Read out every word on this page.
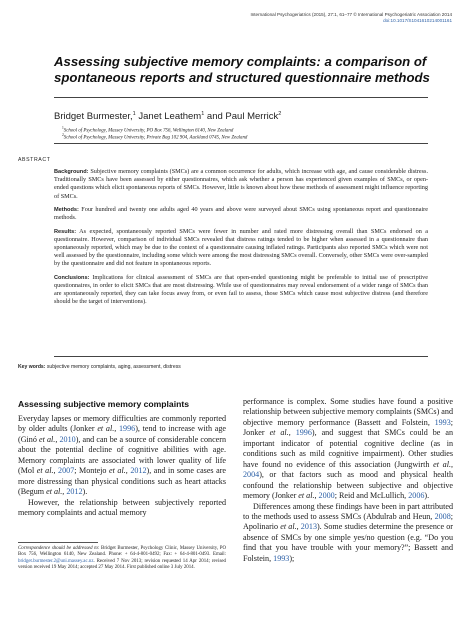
International Psychogeriatrics (2015), 27:1, 61–77 © International Psychogeriatric Association 2014
doi:10.1017/S1041610214001161
Assessing subjective memory complaints: a comparison of spontaneous reports and structured questionnaire methods
Bridget Burmester,$^1$ Janet Leathem$^1$ and Paul Merrick$^2$
$^1$School of Psychology, Massey University, PO Box 756, Wellington 6140, New Zealand
$^2$School of Psychology, Massey University, Private Bag 102 904, Auckland 0745, New Zealand
ABSTRACT

Background: Subjective memory complaints (SMCs) are a common occurrence for adults, which increase with age, and cause considerable distress. Traditionally SMCs have been assessed by either questionnaires, which ask whether a person has experienced given examples of SMCs, or open-ended questions which elicit spontaneous reports of SMCs. However, little is known about how these methods of assessment might influence reporting of SMCs.

Methods: Four hundred and twenty one adults aged 40 years and above were surveyed about SMCs using spontaneous report and questionnaire methods.

Results: As expected, spontaneously reported SMCs were fewer in number and rated more distressing overall than SMCs endorsed on a questionnaire. However, comparison of individual SMCs revealed that distress ratings tended to be higher when assessed in a questionnaire than spontaneously reported, which may be due to the context of a questionnaire causing inflated ratings. Participants also reported SMCs which were not well assessed by the questionnaire, including some which were among the most distressing SMCs overall. Conversely, other SMCs were over-sampled by the questionnaire and did not feature in spontaneous reports.

Conclusions: Implications for clinical assessment of SMCs are that open-ended questioning might be preferable to initial use of prescriptive questionnaires, in order to elicit SMCs that are most distressing. While use of questionnaires may reveal endorsement of a wider range of SMCs than are spontaneously reported, they can take focus away from, or even fail to assess, those SMCs which cause most subjective distress (and therefore should be the target of interventions).

Key words: subjective memory complaints, aging, assessment, distress
Assessing subjective memory complaints

Everyday lapses or memory difficulties are commonly reported by older adults (Jonker et al., 1996), tend to increase with age (Ginó et al., 2010), and can be a source of considerable concern about the potential decline of cognitive abilities with age. Memory complaints are associated with lower quality of life (Mol et al., 2007; Montejo et al., 2012), and in some cases are more distressing than physical conditions such as heart attacks (Begum et al., 2012).

However, the relationship between subjectively reported memory complaints and actual memory

Correspondence should be addressed to: Bridget Burmester, Psychology Clinic, Massey University, PO Box 756, Wellington 6140, New Zealand. Phone: + 64-4-801-0492; Fax: + 64-4-801-0493. Email: bridget.burmester.2@uni.massey.ac.nz. Received 7 Nov 2013; revision requested 14 Apr 2014; revised version received 19 May 2014; accepted 27 May 2014. First published online 3 July 2014.

performance is complex. Some studies have found a positive relationship between subjective memory complaints (SMCs) and objective memory performance (Bassett and Folstein, 1993; Jonker et al., 1996), and suggest that SMCs could be an important indicator of potential cognitive decline (as in conditions such as mild cognitive impairment). Other studies have found no evidence of this association (Jungwirth et al., 2004), or that factors such as mood and physical health confound the relationship between subjective and objective memory (Jonker et al., 2000; Reid and McLullich, 2006).

Differences among these findings have been in part attributed to the methods used to assess SMCs (Abdulrab and Heun, 2008; Apolinario et al., 2013). Some studies determine the presence or absence of SMCs by one simple yes/no question (e.g. “Do you find that you have trouble with your memory?”; Bassett and Folstein, 1993);
